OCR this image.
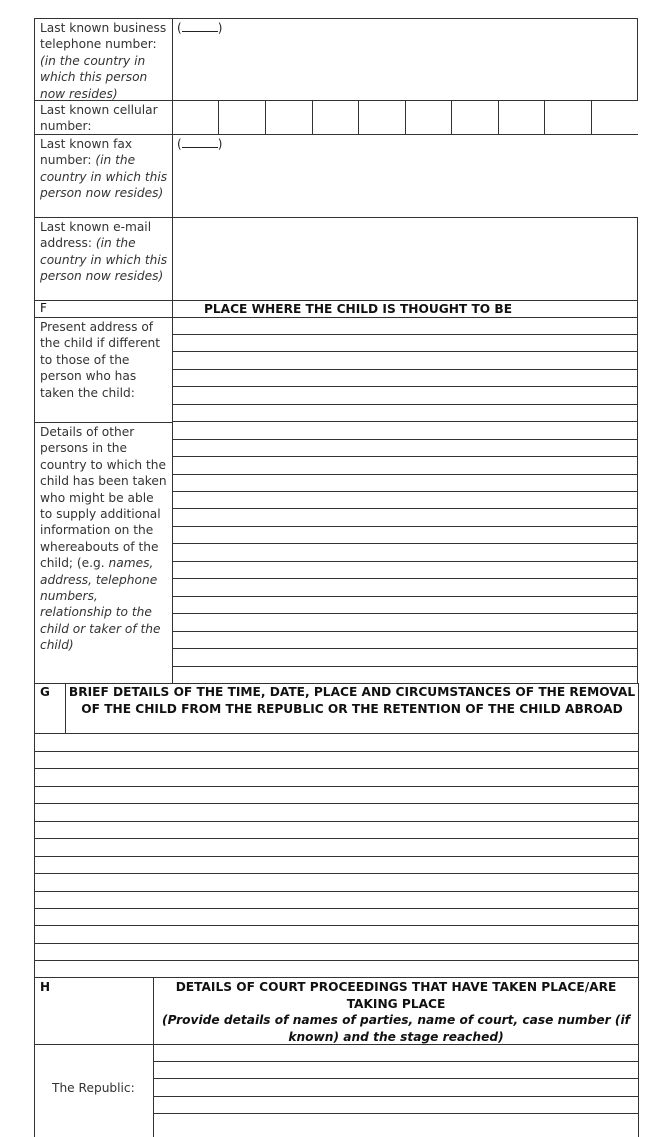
Last known business telephone number: (in the country in which this person now resides)
(	)
Last known cellular number:
Last known fax number: (in the country in which this person now resides)
(	)
Last known e-mail address: (in the country in which this person now resides)
F	PLACE WHERE THE CHILD IS THOUGHT TO BE
Present address of the child if different to those of the person who has taken the child:
Details of other persons in the country to which the child has been taken who might be able to supply additional information on the whereabouts of the child; (e.g. names, address, telephone numbers, relationship to the child or taker of the child)
G BRIEF DETAILS OF THE TIME, DATE, PLACE AND CIRCUMSTANCES OF THE REMOVAL OF THE CHILD FROM THE REPUBLIC OR THE RETENTION OF THE CHILD ABROAD
H	DETAILS OF COURT PROCEEDINGS THAT HAVE TAKEN PLACE/ARE TAKING PLACE
(Provide details of names of parties, name of court, case number (if known) and the stage reached)
The Republic:
